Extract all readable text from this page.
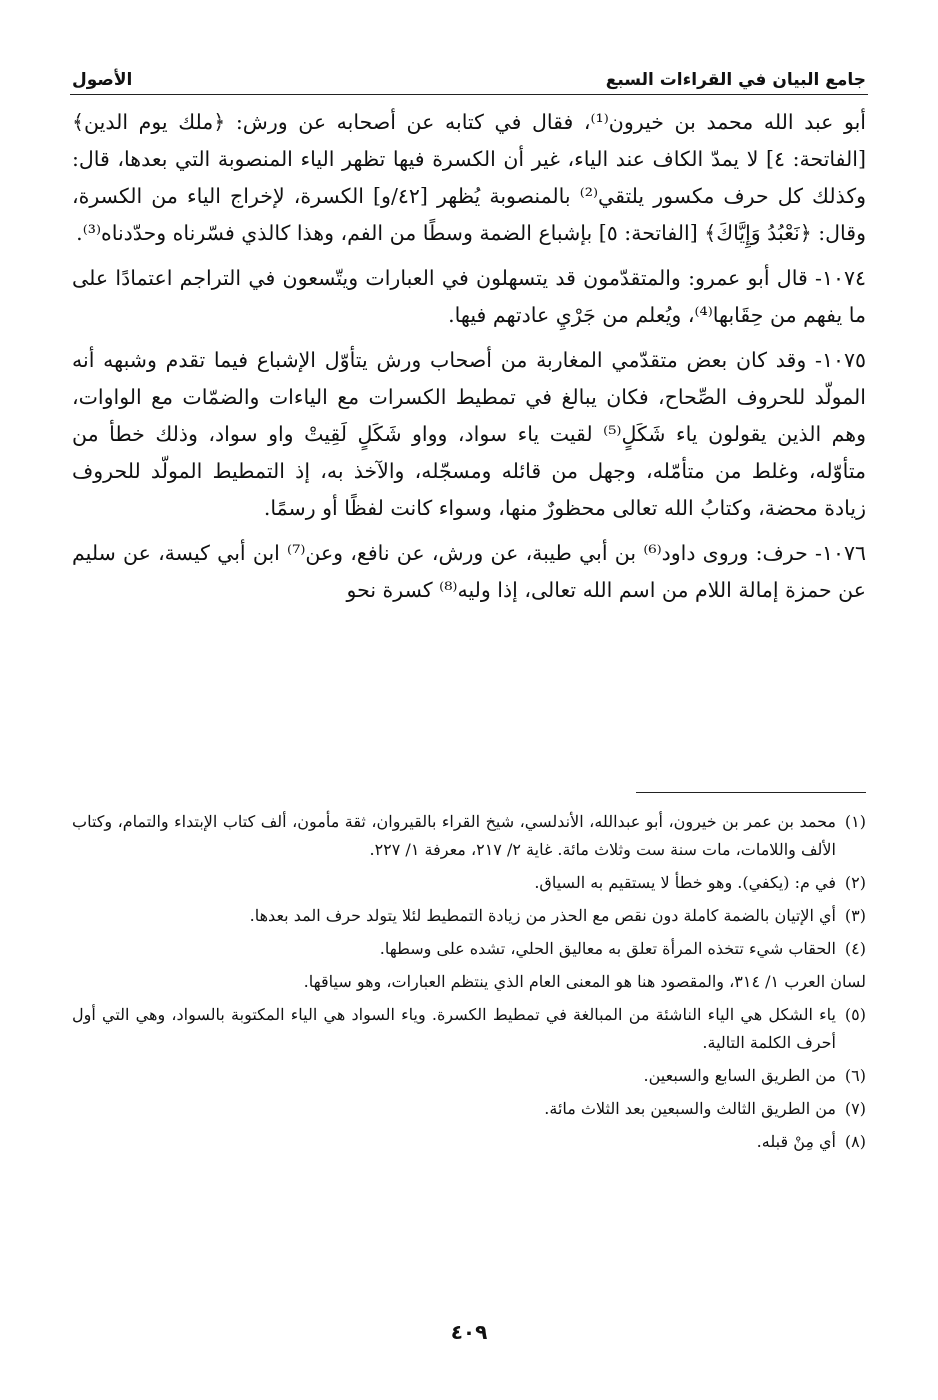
جامع البيان في القراءات السبع
الأصول

أبو عبد الله محمد بن خيرون⁽¹⁾، فقال في كتابه عن أصحابه عن ورش: ﴿ملك يوم الدين﴾ [الفاتحة: ٤] لا يمدّ الكاف عند الياء، غير أن الكسرة فيها تظهر الياء المنصوبة التي بعدها، قال: وكذلك كل حرف مكسور يلتقي⁽²⁾ بالمنصوبة يُظهر [٤٢/و] الكسرة، لإخراج الياء من الكسرة، وقال: ﴿نَعْبُدُ وَإِيَّاكَ﴾ [الفاتحة: ٥] بإشباع الضمة وسطًا من الفم، وهذا كالذي فسّرناه وحدّدناه⁽³⁾.

١٠٧٤- قال أبو عمرو: والمتقدّمون قد يتسهلون في العبارات ويتّسعون في التراجم اعتمادًا على ما يفهم من حِقَابها⁽⁴⁾، ويُعلم من جَرْيِ عادتهم فيها.

١٠٧٥- وقد كان بعض متقدّمي المغاربة من أصحاب ورش يتأوّل الإشباع فيما تقدم وشبهه أنه المولّد للحروف الصِّحاح، فكان يبالغ في تمطيط الكسرات مع الياءات والضمّات مع الواوات، وهم الذين يقولون ياء شَكَلٍ⁽⁵⁾ لقيت ياء سواد، وواو شَكَلٍ لَقِيتْ واو سواد، وذلك خطأ من متأوّله، وغلط من متأمّله، وجهل من قائله ومسجّله، والآخذ به، إذ التمطيط المولّد للحروف زيادة محضة، وكتابُ الله تعالى محظورٌ منها، وسواء كانت لفظًا أو رسمًا.

١٠٧٦- حرف: وروى داود⁽⁶⁾ بن أبي طيبة، عن ورش، عن نافع، وعن⁽⁷⁾ ابن أبي كيسة، عن سليم عن حمزة إمالة اللام من اسم الله تعالى، إذا وليه⁽⁸⁾ كسرة نحو

(١)
محمد بن عمر بن خيرون، أبو عبدالله، الأندلسي، شيخ القراء بالقيروان، ثقة مأمون، ألف كتاب الإبتداء والتمام، وكتاب الألف واللامات، مات سنة ست وثلاث مائة. غاية ٢/ ٢١٧، معرفة ١/ ٢٢٧.
(٢)
في م: (يكفي). وهو خطأ لا يستقيم به السياق.
(٣)
أي الإتيان بالضمة كاملة دون نقص مع الحذر من زيادة التمطيط لئلا يتولد حرف المد بعدها.
(٤)
الحقاب شيء تتخذه المرأة تعلق به معاليق الحلي، تشده على وسطها.
لسان العرب ١/ ٣١٤، والمقصود هنا هو المعنى العام الذي ينتظم العبارات، وهو سياقها.
(٥)
ياء الشكل هي الياء الناشئة من المبالغة في تمطيط الكسرة. وياء السواد هي الياء المكتوبة بالسواد، وهي التي أول أحرف الكلمة التالية.
(٦)
من الطريق السابع والسبعين.
(٧)
من الطريق الثالث والسبعين بعد الثلاث مائة.
(٨)
أي مِنْ قبله.
٤٠٩
